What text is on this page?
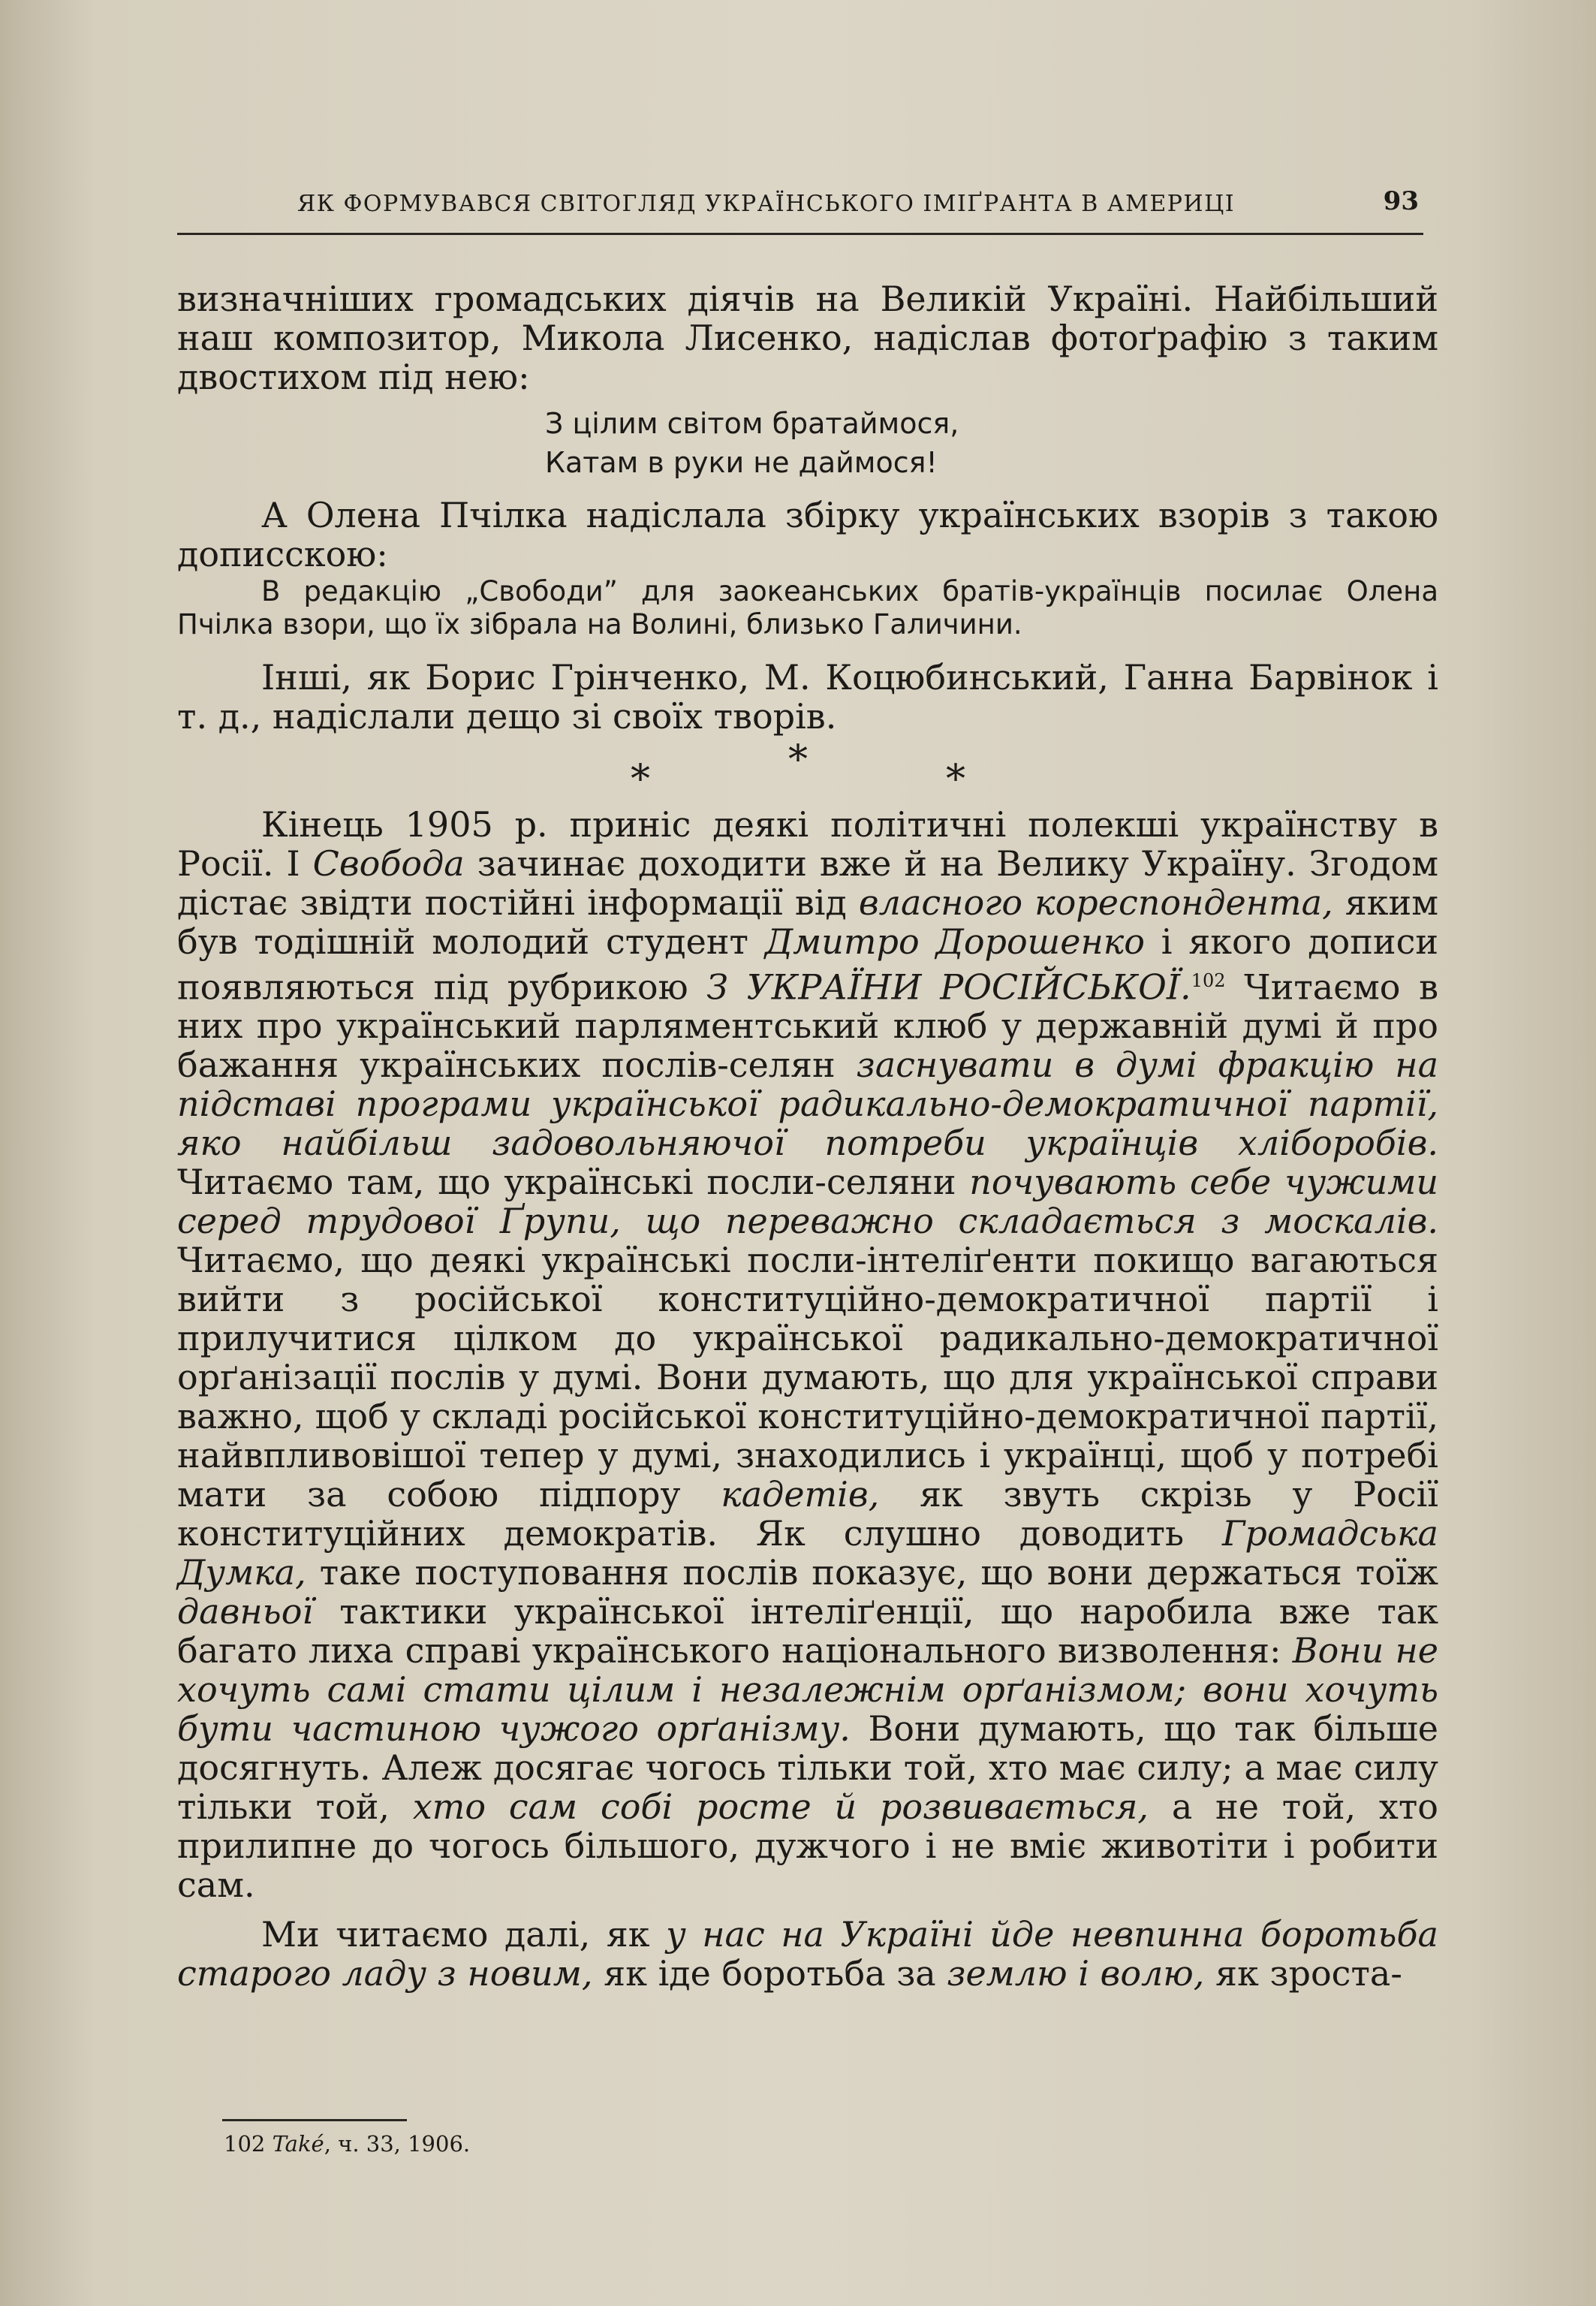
ЯК ФОРМУВАВСЯ СВІТОГЛЯД УКРАЇНСЬКОГО ІМІҐРАНТА В АМЕРИЦІ	93

визначніших громадських діячів на Великій Україні. Найбільший наш композитор, Микола Лисенко, надіслав фотоґрафію з таким двостихом під нею:

З цілим світом братаймося,
Катам в руки не даймося!

А Олена Пчілка надіслала збірку українських взорів з такою дописскою:

В редакцію „Свободи” для заокеанських братів-українців посилає Олена Пчілка взори, що їх зібрала на Волині, близько Галичини.

Інші, як Борис Грінченко, М. Коцюбинський, Ганна Барвінок і т. д., надіслали дещо зі своїх творів.

*	*	*

Кінець 1905 р. приніс деякі політичні полекші українству в Росії. І Свобода зачинає доходити вже й на Велику Україну. Згодом дістає звідти постійні інформації від власного кореспондента, яким був тодішній молодий студент Дмитро Дорошенко і якого дописи появляються під рубрикою З УКРАЇНИ РОСІЙСЬКОЇ.$^{102}$ Читаємо в них про український парляментський клюб у державній думі й про бажання українських послів-селян заснувати в думі фракцію на підставі програми української радикально-демократичної партії, яко найбільш задовольняючої потреби українців хліборобів. Читаємо там, що українські посли-селяни почувають себе чужими серед трудової Ґрупи, що переважно складається з москалів. Читаємо, що деякі українські посли-інтеліґенти покищо вагаються вийти з російської конституційно-демократичної партії і прилучитися цілком до української радикально-демократичної орґанізації послів у думі. Вони думають, що для української справи важно, щоб у складі російської конституційно-демократичної партії, найвпливовішої тепер у думі, знаходились і українці, щоб у потребі мати за собою підпору кадетів, як звуть скрізь у Росії конституційних демократів. Як слушно доводить Громадська Думка, таке поступовання послів показує, що вони держаться тоїж давньої тактики української інтеліґенції, що наробила вже так багато лиха справі українського національного визволення: Вони не хочуть самі стати цілим і незалежнім орґанізмом; вони хочуть бути частиною чужого орґанізму. Вони думають, що так більше досягнуть. Алеж досягає чогось тільки той, хто має силу; а має силу тільки той, хто сам собі росте й розвивається, а не той, хто прилипне до чогось більшого, дужчого і не вміє животіти і робити сам.

Ми читаємо далі, як у нас на Україні йде невпинна боротьба старого ладу з новим, як іде боротьба за землю і волю, як зроста-

102 Také, ч. 33, 1906.
